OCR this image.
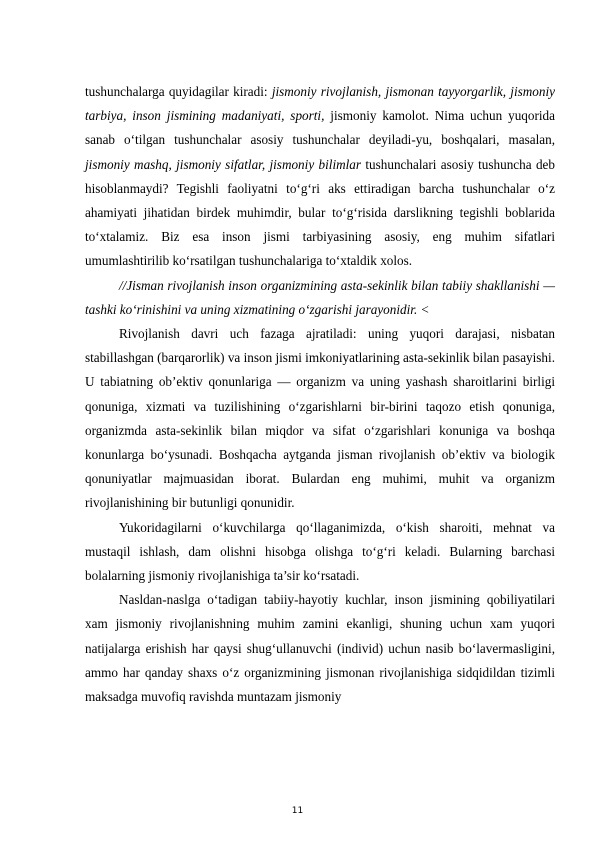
tushunchalarga quyidagilar kiradi: jismoniy rivojlanish, jismonan tayyorgarlik, jismoniy tarbiya, inson jismining madaniyati, sporti, jismoniy kamolot. Nima uchun yuqorida sanab o‘tilgan tushunchalar asosiy tushunchalar deyiladi-yu, boshqalari, masalan, jismoniy mashq, jismoniy sifatlar, jismoniy bilimlar tushunchalari asosiy tushuncha deb hisoblanmaydi? Tegishli faoliyatni to‘g‘ri aks ettiradigan barcha tushunchalar o‘z ahamiyati jihatidan birdek muhimdir, bular to‘g‘risida darslikning tegishli boblarida to‘xtalamiz. Biz esa inson jismi tarbiyasining asosiy, eng muhim sifatlari umumlashtirilib ko‘rsatilgan tushunchalariga to‘xtaldik xolos.

//Jisman rivojlanish inson organizmining asta-sekinlik bilan tabiiy shakllanishi — tashki ko‘rinishini va uning xizmatining o‘zgarishi jarayonidir. <

Rivojlanish davri uch fazaga ajratiladi: uning yuqori darajasi, nisbatan stabillashgan (barqarorlik) va inson jismi imkoniyatlarining asta-sekinlik bilan pasayishi. U tabiatning ob’ektiv qonunlariga — organizm va uning yashash sharoitlarini birligi qonuniga, xizmati va tuzilishining o‘zgarishlarni bir-birini taqozo etish qonuniga, organizmda asta-sekinlik bilan miqdor va sifat o‘zgarishlari konuniga va boshqa konunlarga bo‘ysunadi. Boshqacha aytganda jisman rivojlanish ob’ektiv va biologik qonuniyatlar majmuasidan iborat. Bulardan eng muhimi, muhit va organizm rivojlanishining bir butunligi qonunidir.

Yukoridagilarni o‘kuvchilarga qo‘llaganimizda, o‘kish sharoiti, mehnat va mustaqil ishlash, dam olishni hisobga olishga to‘g‘ri keladi. Bularning barchasi bolalarning jismoniy rivojlanishiga ta’sir ko‘rsatadi.

Nasldan-naslga o‘tadigan tabiiy-hayotiy kuchlar, inson jismining qobiliyatilari xam jismoniy rivojlanishning muhim zamini ekanligi, shuning uchun xam yuqori natijalarga erishish har qaysi shug‘ullanuvchi (individ) uchun nasib bo‘lavermasligini, ammo har qanday shaxs o‘z organizmining jismonan rivojlanishiga sidqidildan tizimli maksadga muvofiq ravishda muntazam jismoniy

11
